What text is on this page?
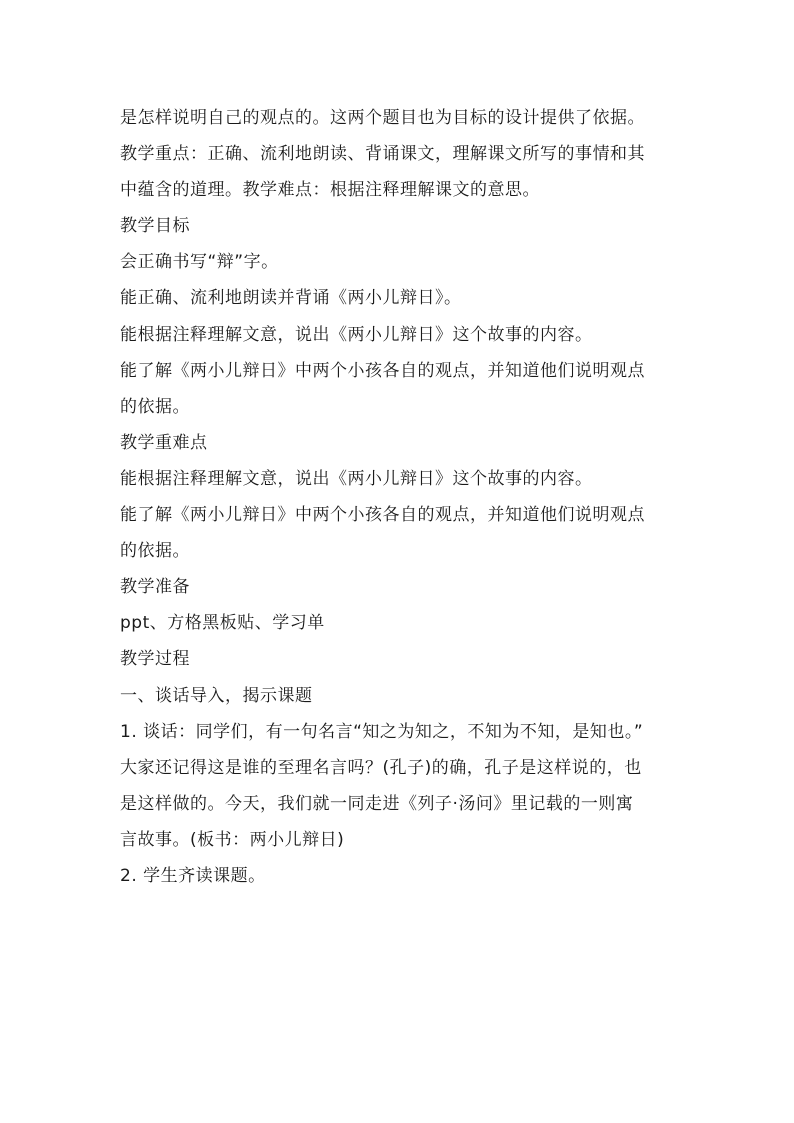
是怎样说明自己的观点的。这两个题目也为目标的设计提供了依据。

教学重点：正确、流利地朗读、背诵课文，理解课文所写的事情和其

中蕴含的道理。教学难点：根据注释理解课文的意思。

教学目标

会正确书写“辩”字。

能正确、流利地朗读并背诵《两小儿辩日》。

能根据注释理解文意，说出《两小儿辩日》这个故事的内容。

能了解《两小儿辩日》中两个小孩各自的观点，并知道他们说明观点

的依据。

教学重难点

能根据注释理解文意，说出《两小儿辩日》这个故事的内容。

能了解《两小儿辩日》中两个小孩各自的观点，并知道他们说明观点

的依据。

教学准备

ppt、方格黑板贴、学习单

教学过程

一、谈话导入，揭示课题

1. 谈话：同学们，有一句名言“知之为知之，不知为不知，是知也。”

大家还记得这是谁的至理名言吗？(孔子)的确，孔子是这样说的，也

是这样做的。今天，我们就一同走进《列子·汤问》里记载的一则寓

言故事。(板书：两小儿辩日)

2. 学生齐读课题。
